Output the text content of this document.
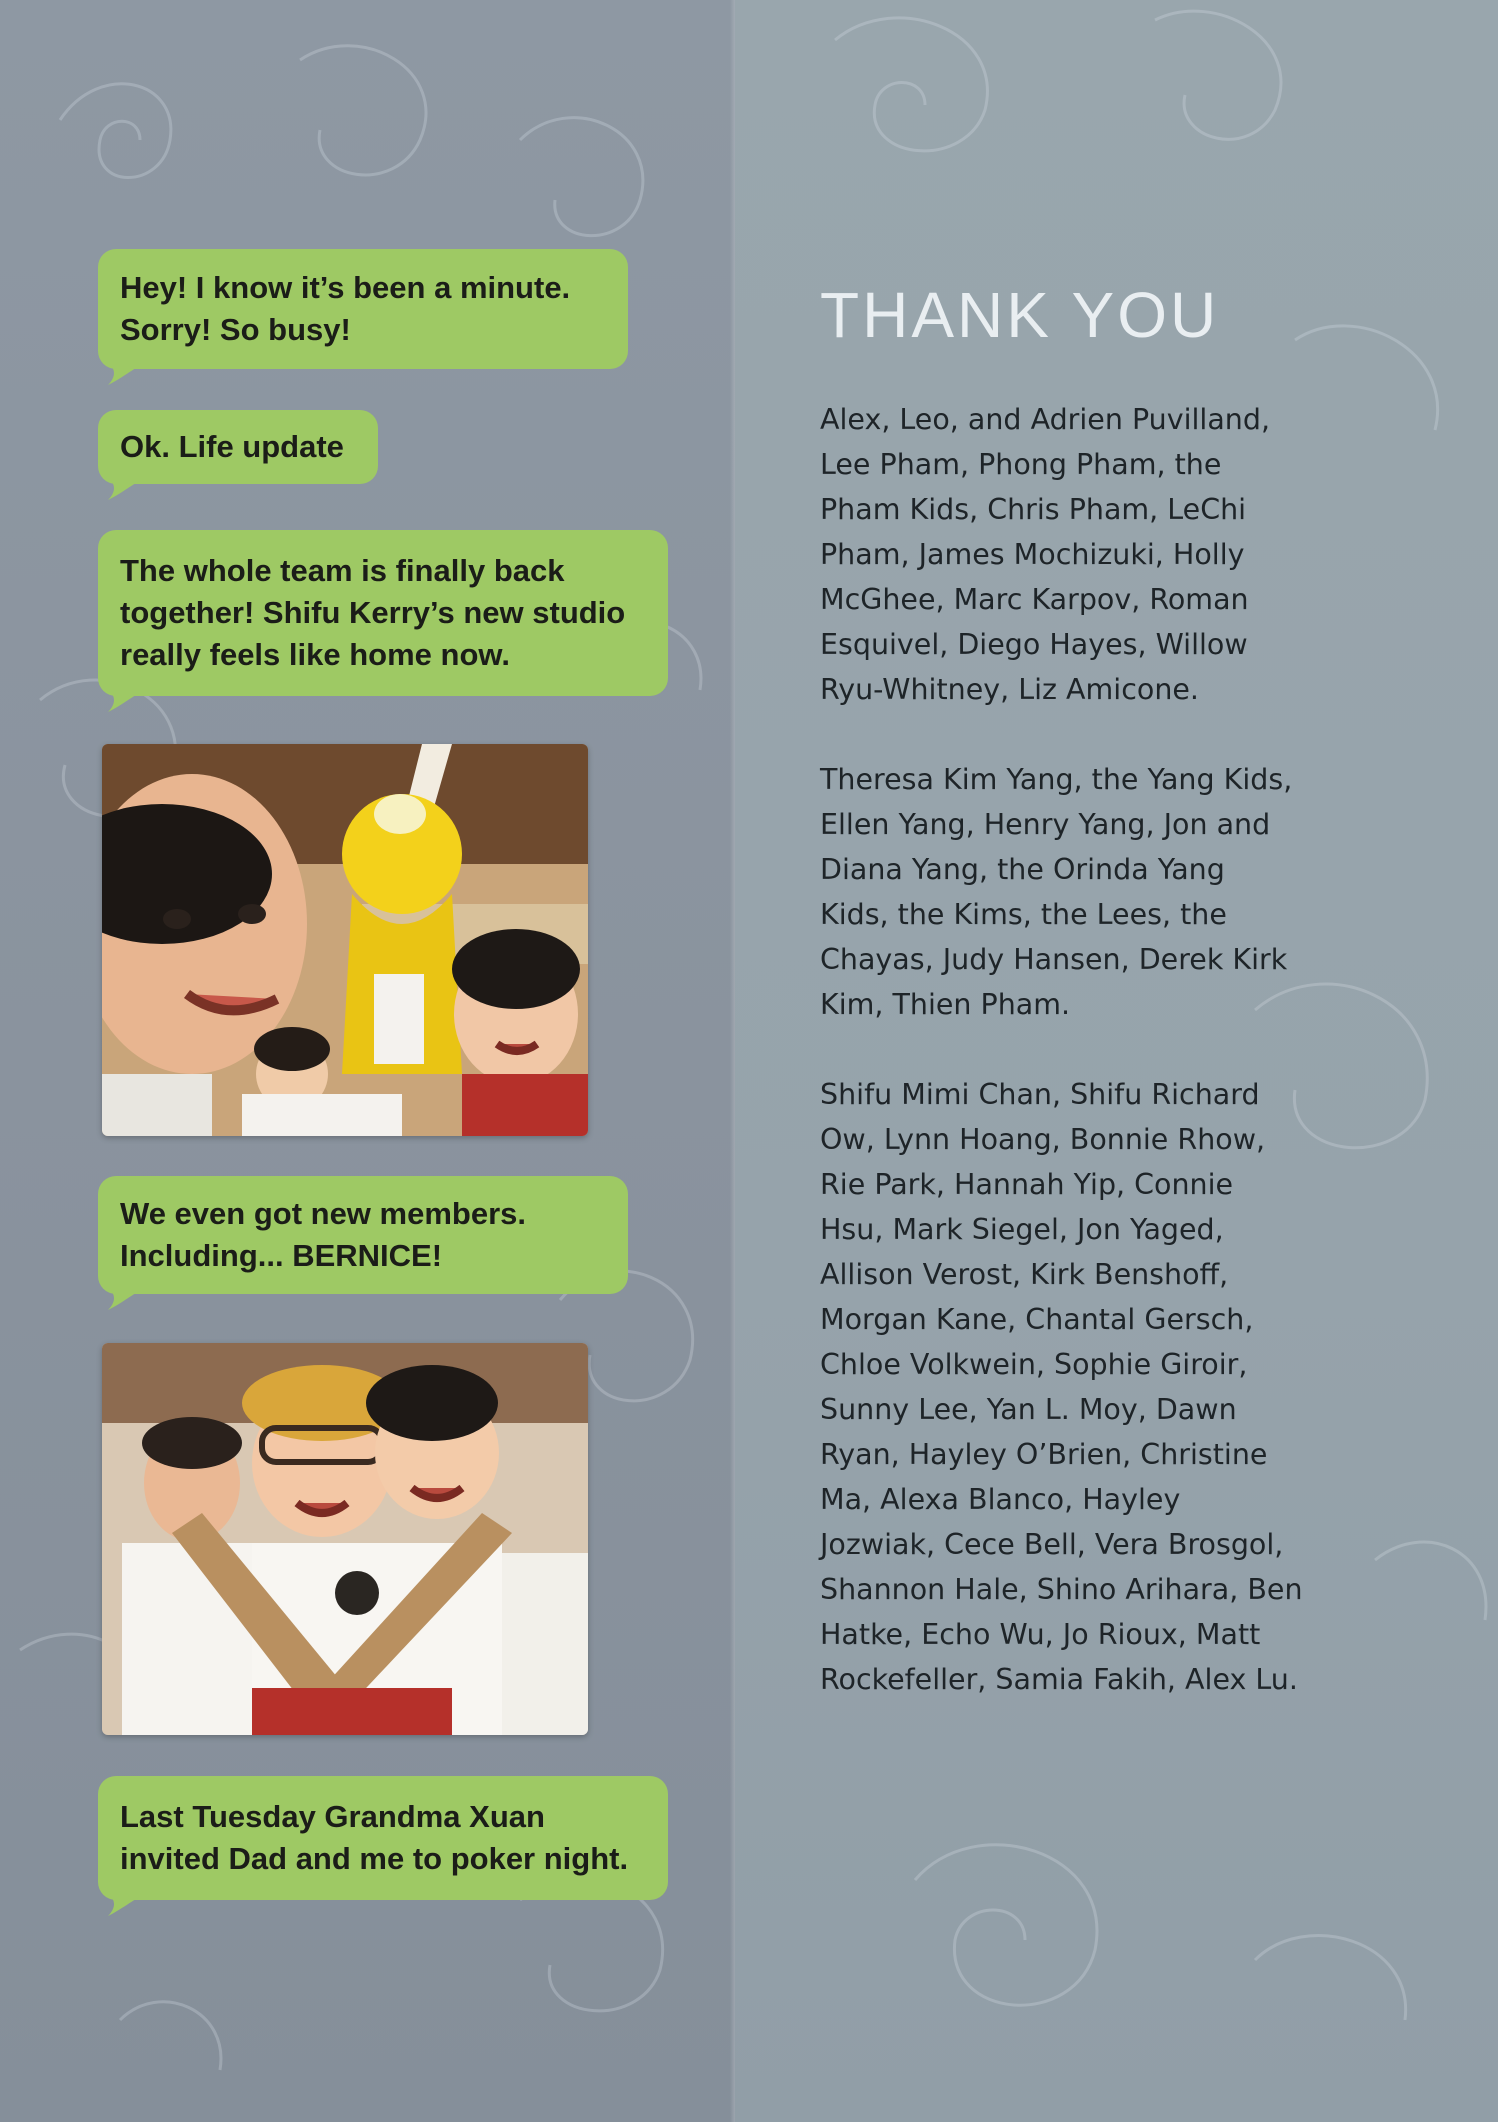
Hey! I know it’s been a minute.
Sorry! So busy!
Ok. Life update
The whole team is finally back
together! Shifu Kerry’s new studio
really feels like home now.
We even got new members.
Including... BERNICE!
Last Tuesday Grandma Xuan
invited Dad and me to poker night.
THANK YOU
Alex, Leo, and Adrien Puvilland,
Lee Pham, Phong Pham, the
Pham Kids, Chris Pham, LeChi
Pham, James Mochizuki, Holly
McGhee, Marc Karpov, Roman
Esquivel, Diego Hayes, Willow
Ryu-Whitney, Liz Amicone.
Theresa Kim Yang, the Yang Kids,
Ellen Yang, Henry Yang, Jon and
Diana Yang, the Orinda Yang
Kids, the Kims, the Lees, the
Chayas, Judy Hansen, Derek Kirk
Kim, Thien Pham.
Shifu Mimi Chan, Shifu Richard
Ow, Lynn Hoang, Bonnie Rhow,
Rie Park, Hannah Yip, Connie
Hsu, Mark Siegel, Jon Yaged,
Allison Verost, Kirk Benshoff,
Morgan Kane, Chantal Gersch,
Chloe Volkwein, Sophie Giroir,
Sunny Lee, Yan L. Moy, Dawn
Ryan, Hayley O’Brien, Christine
Ma, Alexa Blanco, Hayley
Jozwiak, Cece Bell, Vera Brosgol,
Shannon Hale, Shino Arihara, Ben
Hatke, Echo Wu, Jo Rioux, Matt
Rockefeller, Samia Fakih, Alex Lu.
